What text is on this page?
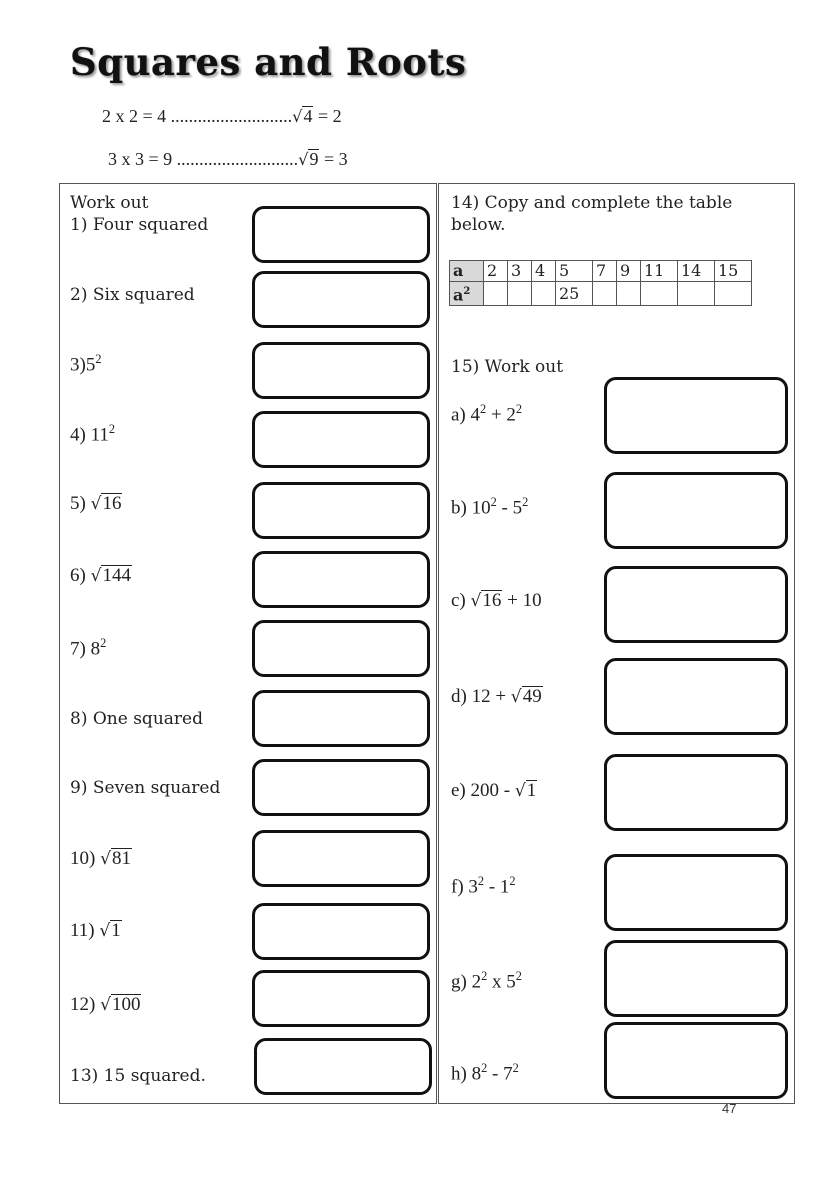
Squares and Roots
2 x 2 = 4 ...........................√4 = 2
3 x 3 = 9 ...........................√9 = 3
Work out
1) Four squared
2) Six squared
$3)5^2$
4) $11^2$
5) √16
6) √144
7) $8^2$
8) One squared
9) Seven squared
10) √81
11) √1
12) √100
13) 15 squared.
14) Copy and complete the table
below.
a	2	3	4	5	7	9	11	14	15
$a^2$				25					
15) Work out
a) $4^2 + 2^2$
b) $10^2 - 5^2$
c) √16 + 10
d) 12 + √49
e) 200 - √1
f) $3^2 - 1^2$
g) $2^2$ x $5^2$
h) $8^2 - 7^2$
47
